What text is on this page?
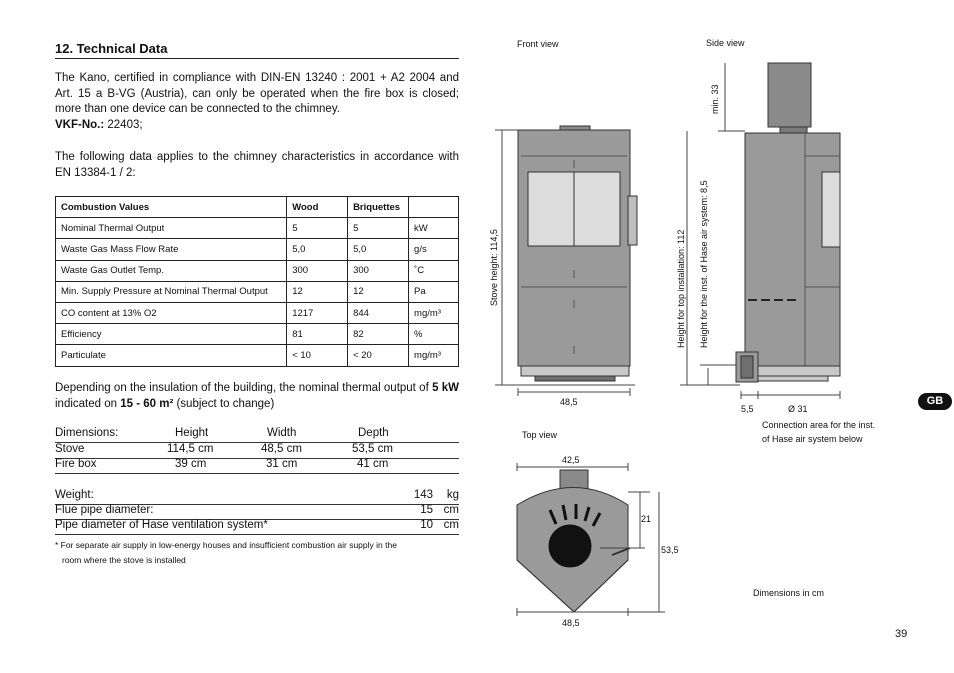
12. Technical Data
The Kano, certified in compliance with DIN-EN 13240 : 2001 + A2 2004 and Art. 15 a B-VG (Austria), can only be operated when the fire box is closed; more than one device can be connected to the chimney.
VKF-No.: 22403;
The following data applies to the chimney characteristics in accordance with EN 13384-1 / 2:
Combustion Values	Wood	Briquettes	
Nominal Thermal Output	5	5	kW
Waste Gas Mass Flow Rate	5,0	5,0	g/s
Waste Gas Outlet Temp.	300	300	˚C
Min. Supply Pressure at Nominal Thermal Output	12	12	Pa
CO content at 13% O2	1217	844	mg/m³
Efficiency	81	82	%
Particulate	< 10	< 20	mg/m³
Depending on the insulation of the building, the nominal thermal output of 5 kW indicated on 15 - 60 m² (subject to change)
Dimensions:	Height	Width	Depth
Stove	114,5 cm	48,5 cm	53,5 cm
Fire box	39 cm	31 cm	41 cm
Weight:	143 kg
Flue pipe diameter:	15 cm
Pipe diameter of Hase ventilation system*	10 cm
* For separate air supply in low-energy houses and insufficient combustion air supply in the
room where the stove is installed
Front view	Side view
Top view
Stove height: 114,5	Height for top installation: 112 Height for the inst. of Hase air system: 8,5
min. 33
48,5
5,5	Ø 31
Connection area for the inst.
of Hase air system below
42,5
21
53,5
48,5
Dimensions in cm
GB
39
